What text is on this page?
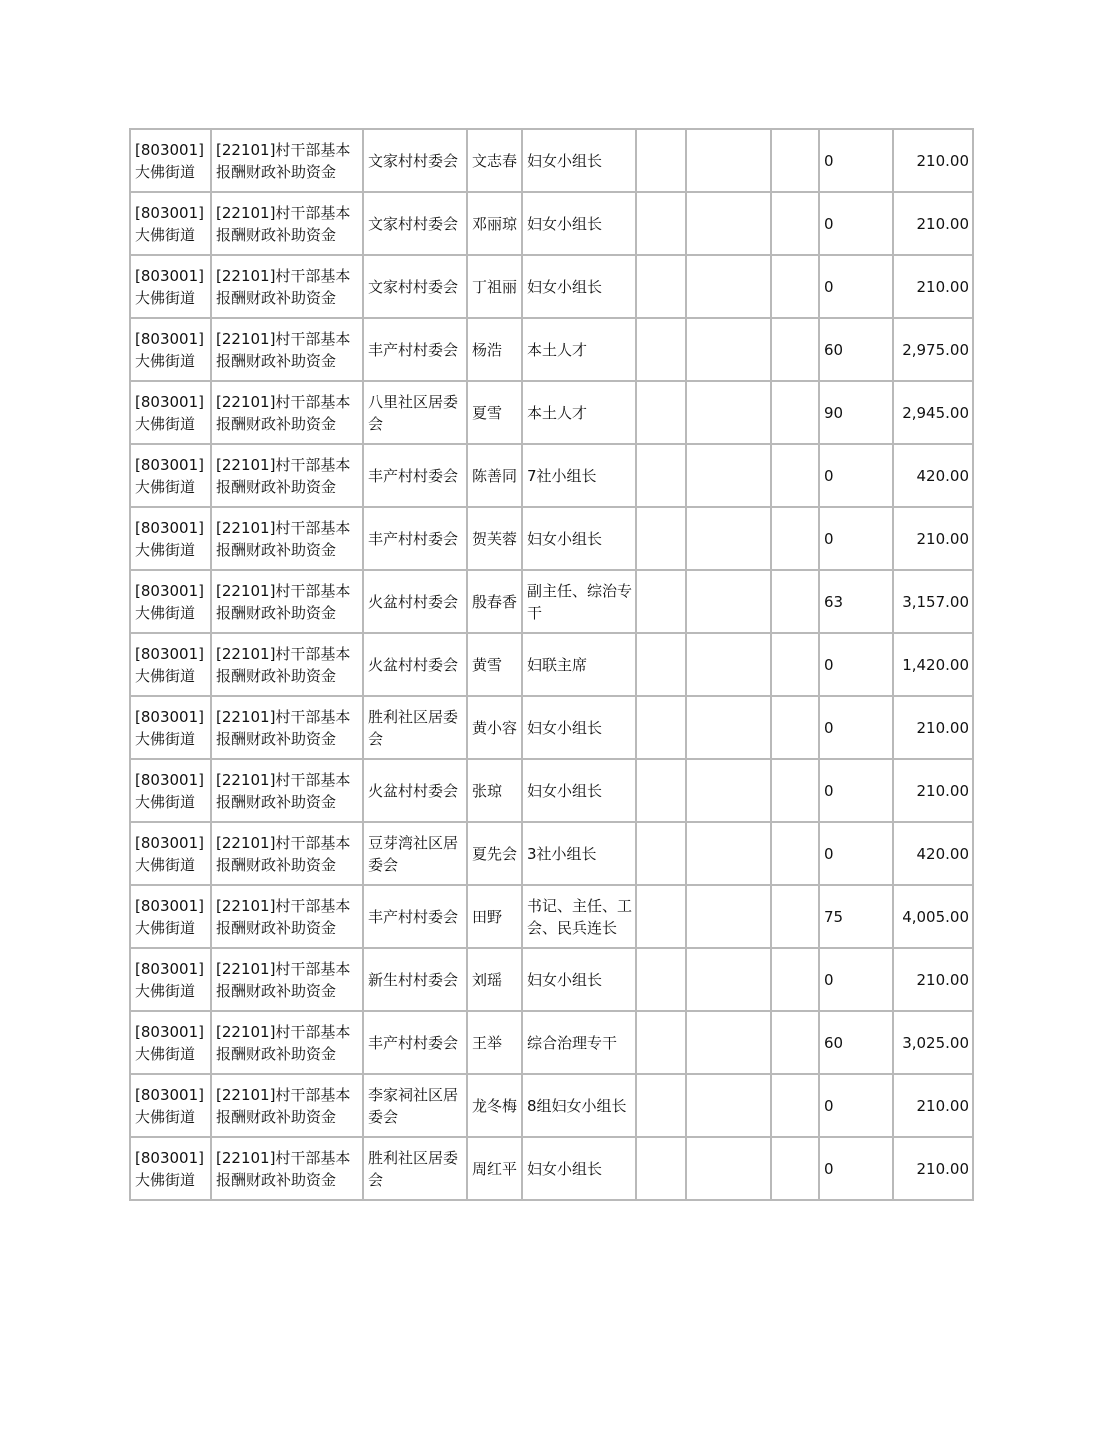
[803001]大佛街道	[22101]村干部基本报酬财政补助资金	文家村村委会	文志春	妇女小组长				0	210.00
[803001]大佛街道	[22101]村干部基本报酬财政补助资金	文家村村委会	邓丽琼	妇女小组长				0	210.00
[803001]大佛街道	[22101]村干部基本报酬财政补助资金	文家村村委会	丁祖丽	妇女小组长				0	210.00
[803001]大佛街道	[22101]村干部基本报酬财政补助资金	丰产村村委会	杨浩	本土人才				60	2,975.00
[803001]大佛街道	[22101]村干部基本报酬财政补助资金	八里社区居委会	夏雪	本土人才				90	2,945.00
[803001]大佛街道	[22101]村干部基本报酬财政补助资金	丰产村村委会	陈善同	7社小组长				0	420.00
[803001]大佛街道	[22101]村干部基本报酬财政补助资金	丰产村村委会	贺芙蓉	妇女小组长				0	210.00
[803001]大佛街道	[22101]村干部基本报酬财政补助资金	火盆村村委会	殷春香	副主任、综治专干				63	3,157.00
[803001]大佛街道	[22101]村干部基本报酬财政补助资金	火盆村村委会	黄雪	妇联主席				0	1,420.00
[803001]大佛街道	[22101]村干部基本报酬财政补助资金	胜利社区居委会	黄小容	妇女小组长				0	210.00
[803001]大佛街道	[22101]村干部基本报酬财政补助资金	火盆村村委会	张琼	妇女小组长				0	210.00
[803001]大佛街道	[22101]村干部基本报酬财政补助资金	豆芽湾社区居委会	夏先会	3社小组长				0	420.00
[803001]大佛街道	[22101]村干部基本报酬财政补助资金	丰产村村委会	田野	书记、主任、工会、民兵连长				75	4,005.00
[803001]大佛街道	[22101]村干部基本报酬财政补助资金	新生村村委会	刘瑶	妇女小组长				0	210.00
[803001]大佛街道	[22101]村干部基本报酬财政补助资金	丰产村村委会	王举	综合治理专干				60	3,025.00
[803001]大佛街道	[22101]村干部基本报酬财政补助资金	李家祠社区居委会	龙冬梅	8组妇女小组长				0	210.00
[803001]大佛街道	[22101]村干部基本报酬财政补助资金	胜利社区居委会	周红平	妇女小组长				0	210.00
